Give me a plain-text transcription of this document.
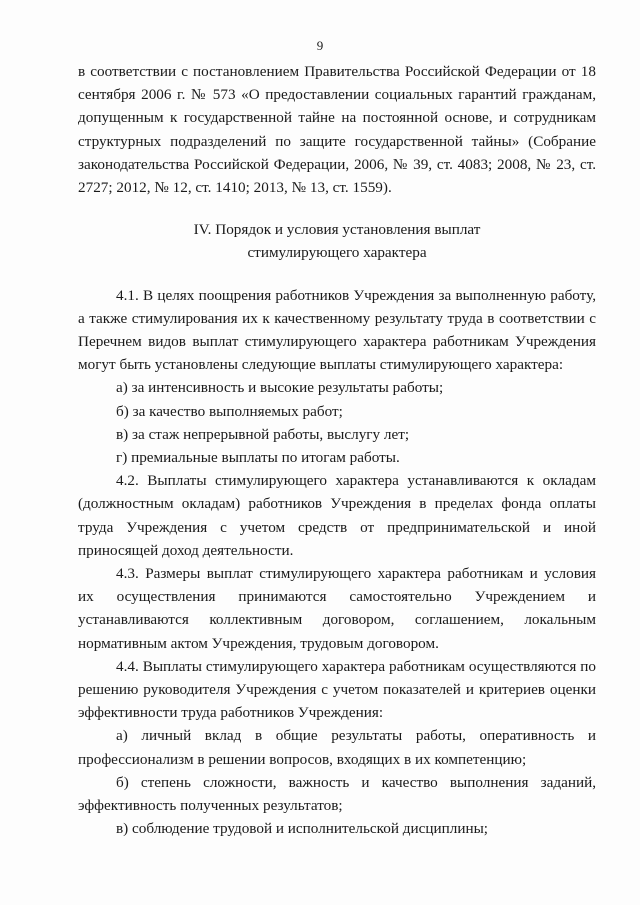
9

в соответствии с постановлением Правительства Российской Федерации от 18 сентября 2006 г. № 573 «О предоставлении социальных гарантий гражданам, допущенным к государственной тайне на постоянной основе, и сотрудникам структурных подразделений по защите государственной тайны» (Собрание законодательства Российской Федерации, 2006, № 39, ст. 4083; 2008, № 23, ст. 2727; 2012, № 12, ст. 1410; 2013, № 13, ст. 1559).

IV. Порядок и условия установления выплат

стимулирующего характера

4.1. В целях поощрения работников Учреждения за выполненную работу, а также стимулирования их к качественному результату труда в соответствии с Перечнем видов выплат стимулирующего характера работникам Учреждения могут быть установлены следующие выплаты стимулирующего характера:

а) за интенсивность и высокие результаты работы;

б) за качество выполняемых работ;

в) за стаж непрерывной работы, выслугу лет;

г) премиальные выплаты по итогам работы.

4.2. Выплаты стимулирующего характера устанавливаются к окладам (должностным окладам) работников Учреждения в пределах фонда оплаты труда Учреждения с учетом средств от предпринимательской и иной приносящей доход деятельности.

4.3. Размеры выплат стимулирующего характера работникам и условия их осуществления принимаются самостоятельно Учреждением и устанавливаются коллективным договором, соглашением, локальным нормативным актом Учреждения, трудовым договором.

4.4. Выплаты стимулирующего характера работникам осуществляются по решению руководителя Учреждения с учетом показателей и критериев оценки эффективности труда работников Учреждения:

а) личный вклад в общие результаты работы, оперативность и профессионализм в решении вопросов, входящих в их компетенцию;

б) степень сложности, важность и качество выполнения заданий, эффективность полученных результатов;

в) соблюдение трудовой и исполнительской дисциплины;
